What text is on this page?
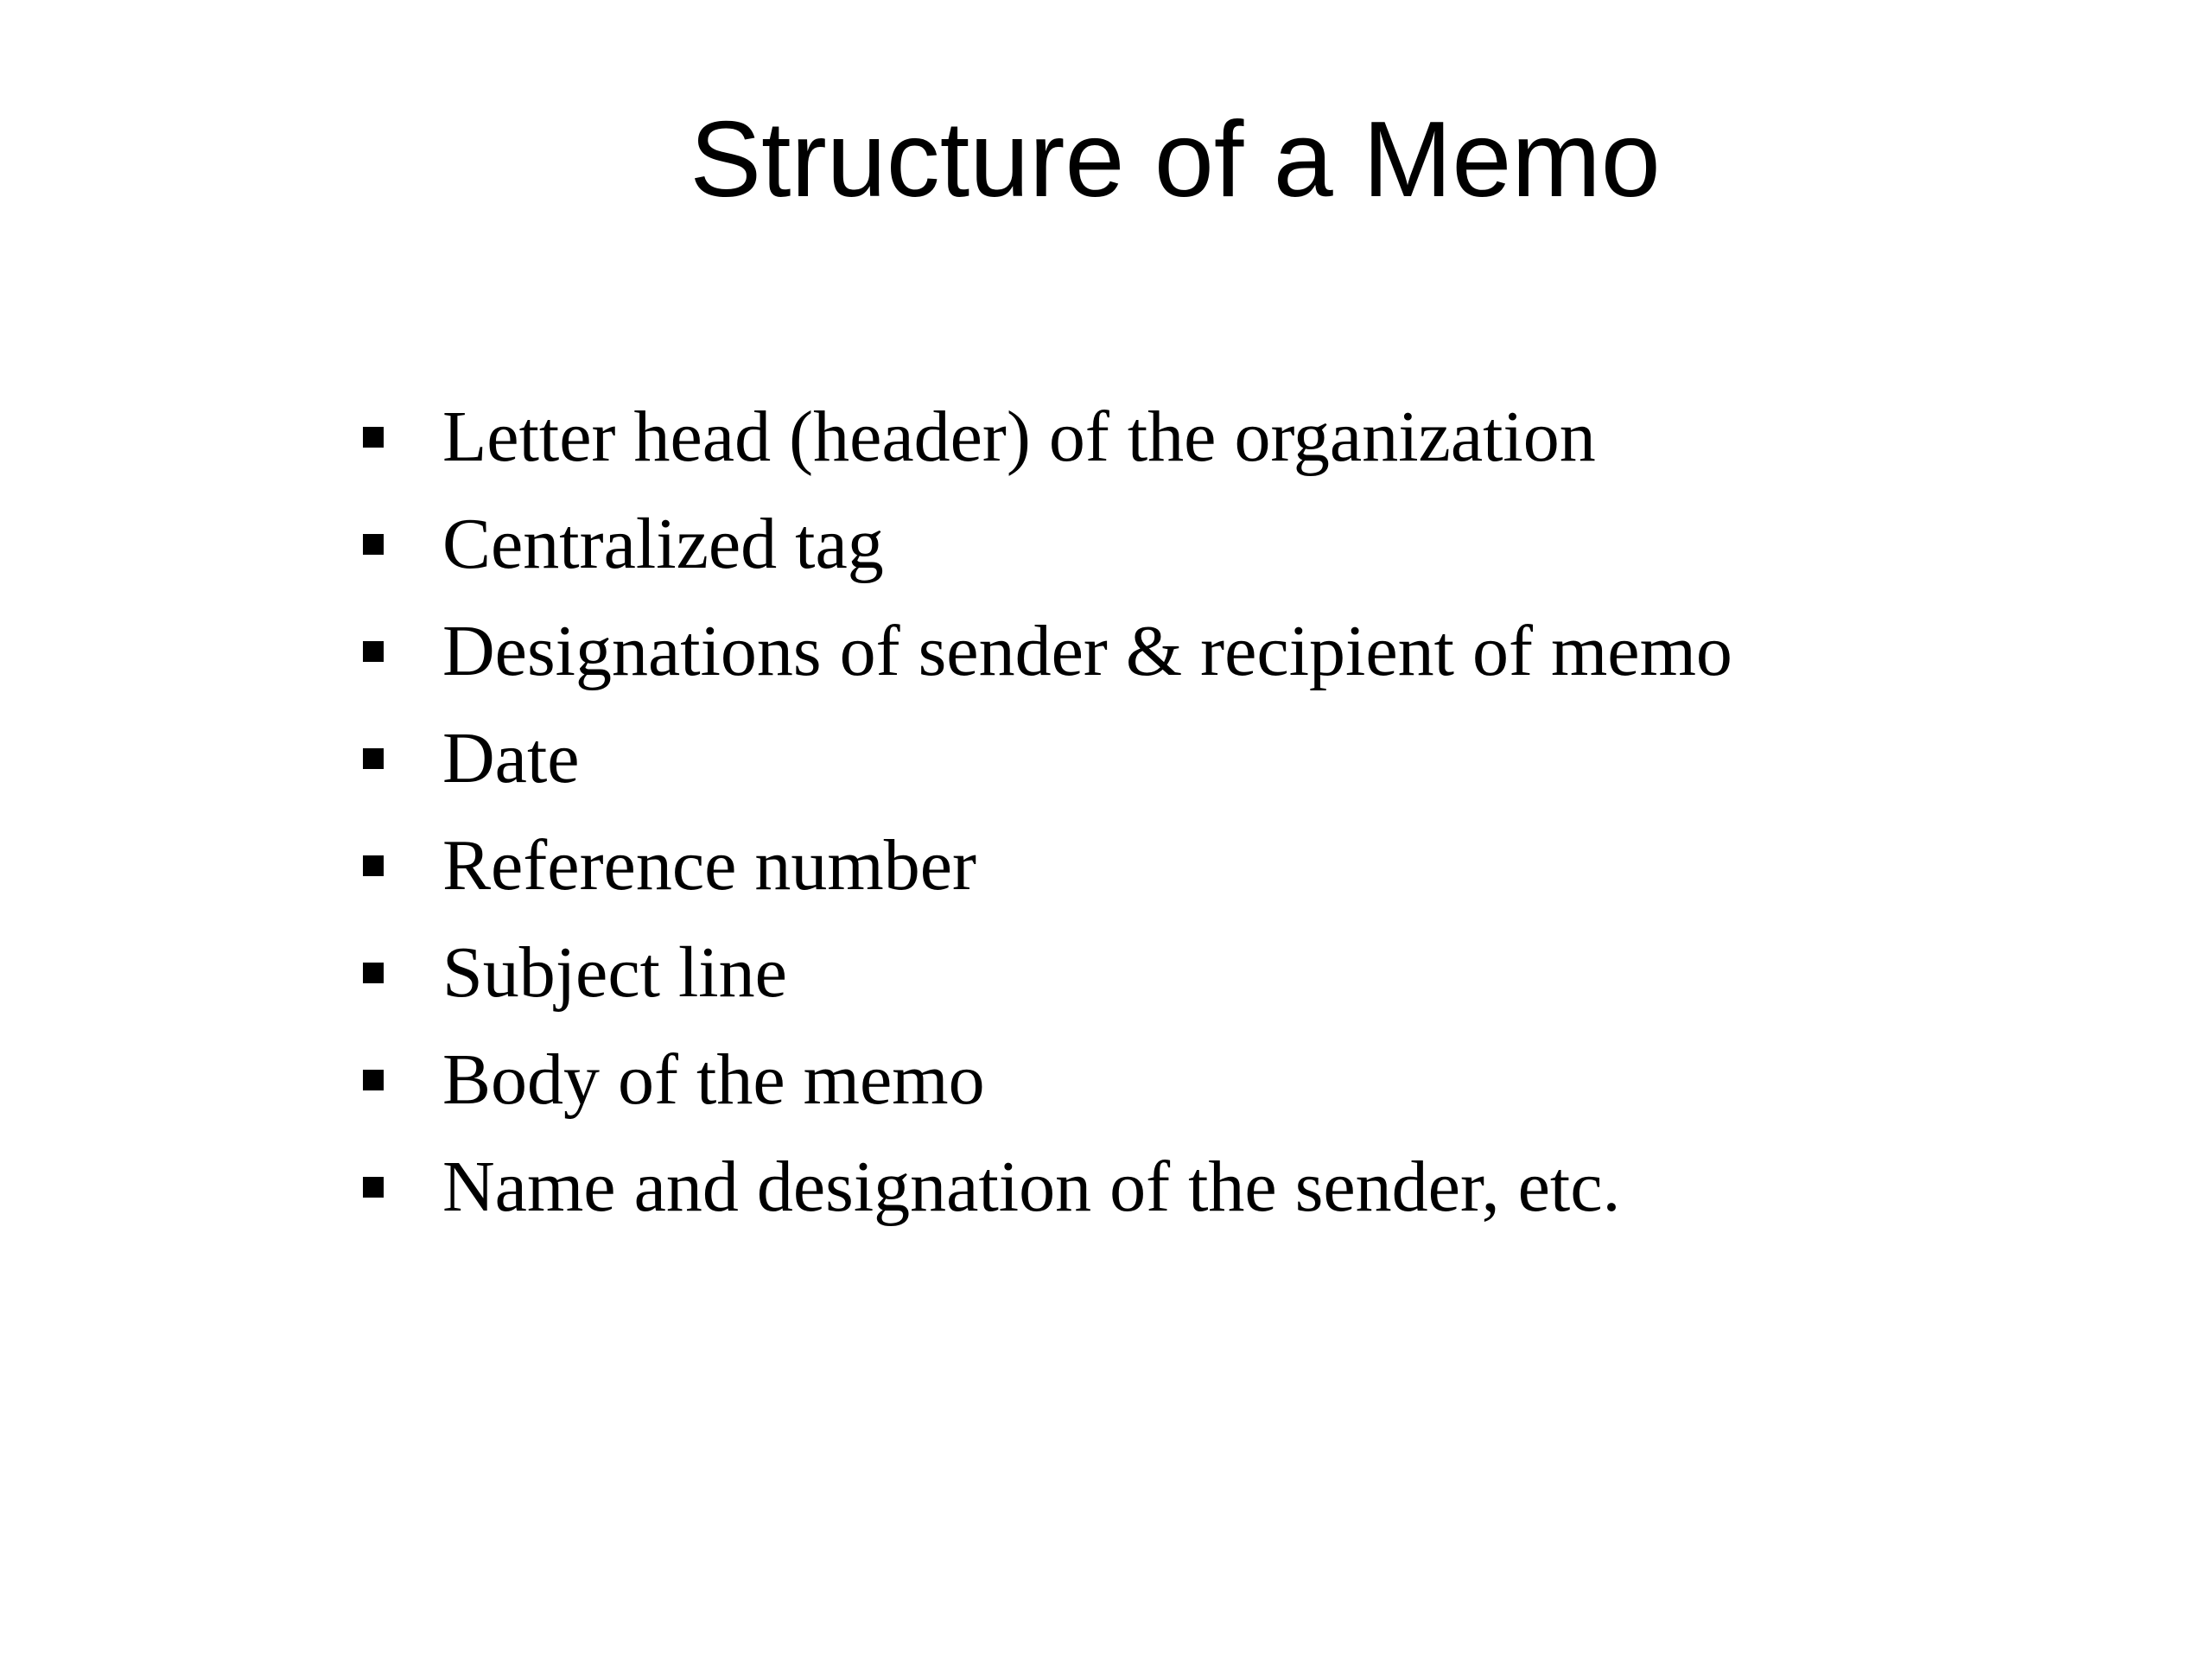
Structure of a Memo
Letter head (header) of the organization
Centralized tag
Designations of sender & recipient of memo
Date
Reference number
Subject line
Body of the memo
Name and designation of the sender, etc.
